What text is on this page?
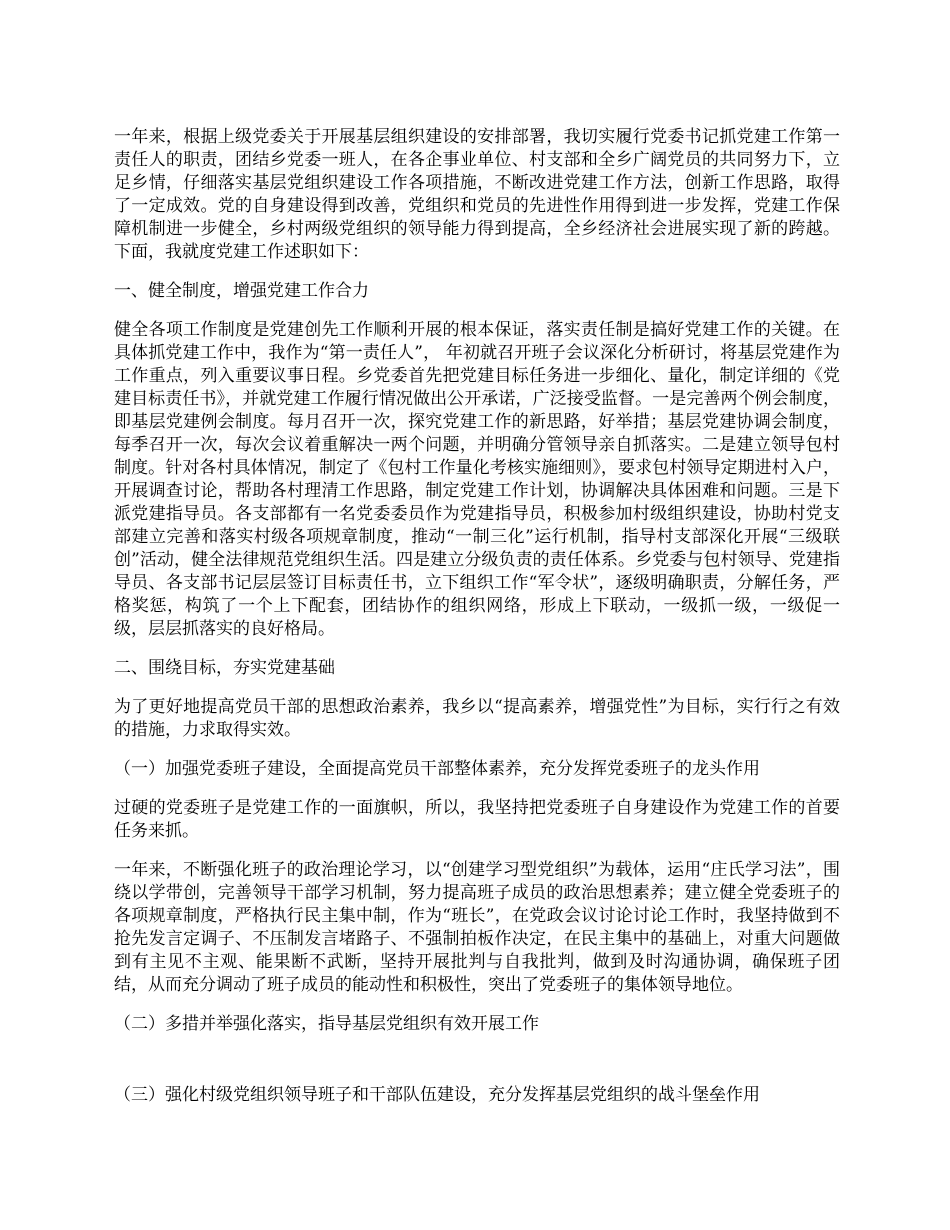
一年来，根据上级党委关于开展基层组织建设的安排部署，我切实履行党委书记抓党建工作第一责任人的职责，团结乡党委一班人，在各企事业单位、村支部和全乡广阔党员的共同努力下，立足乡情，仔细落实基层党组织建设工作各项措施，不断改进党建工作方法，创新工作思路，取得了一定成效。党的自身建设得到改善，党组织和党员的先进性作用得到进一步发挥，党建工作保障机制进一步健全，乡村两级党组织的领导能力得到提高，全乡经济社会进展实现了新的跨越。下面，我就度党建工作述职如下：

一、健全制度，增强党建工作合力

健全各项工作制度是党建创先工作顺利开展的根本保证，落实责任制是搞好党建工作的关键。在具体抓党建工作中，我作为“第一责任人”， 年初就召开班子会议深化分析研讨，将基层党建作为工作重点，列入重要议事日程。乡党委首先把党建目标任务进一步细化、量化，制定详细的《党建目标责任书》，并就党建工作履行情况做出公开承诺，广泛接受监督。一是完善两个例会制度，即基层党建例会制度。每月召开一次，探究党建工作的新思路，好举措；基层党建协调会制度，每季召开一次，每次会议着重解决一两个问题，并明确分管领导亲自抓落实。二是建立领导包村制度。针对各村具体情况，制定了《包村工作量化考核实施细则》，要求包村领导定期进村入户，开展调查讨论，帮助各村理清工作思路，制定党建工作计划，协调解决具体困难和问题。三是下派党建指导员。各支部都有一名党委委员作为党建指导员，积极参加村级组织建设，协助村党支部建立完善和落实村级各项规章制度，推动“一制三化”运行机制，指导村支部深化开展“三级联创”活动，健全法律规范党组织生活。四是建立分级负责的责任体系。乡党委与包村领导、党建指导员、各支部书记层层签订目标责任书，立下组织工作“军令状”，逐级明确职责，分解任务，严格奖惩，构筑了一个上下配套，团结协作的组织网络，形成上下联动，一级抓一级，一级促一级，层层抓落实的良好格局。

二、围绕目标，夯实党建基础

为了更好地提高党员干部的思想政治素养，我乡以“提高素养，增强党性”为目标，实行行之有效的措施，力求取得实效。

（一）加强党委班子建设，全面提高党员干部整体素养，充分发挥党委班子的龙头作用

过硬的党委班子是党建工作的一面旗帜，所以，我坚持把党委班子自身建设作为党建工作的首要任务来抓。

一年来，不断强化班子的政治理论学习，以“创建学习型党组织”为载体，运用“庄氏学习法”，围绕以学带创，完善领导干部学习机制，努力提高班子成员的政治思想素养；建立健全党委班子的各项规章制度，严格执行民主集中制，作为“班长”，在党政会议讨论讨论工作时，我坚持做到不抢先发言定调子、不压制发言堵路子、不强制拍板作决定，在民主集中的基础上，对重大问题做到有主见不主观、能果断不武断，坚持开展批判与自我批判，做到及时沟通协调，确保班子团结，从而充分调动了班子成员的能动性和积极性，突出了党委班子的集体领导地位。

（二）多措并举强化落实，指导基层党组织有效开展工作

（三）强化村级党组织领导班子和干部队伍建设，充分发挥基层党组织的战斗堡垒作用
